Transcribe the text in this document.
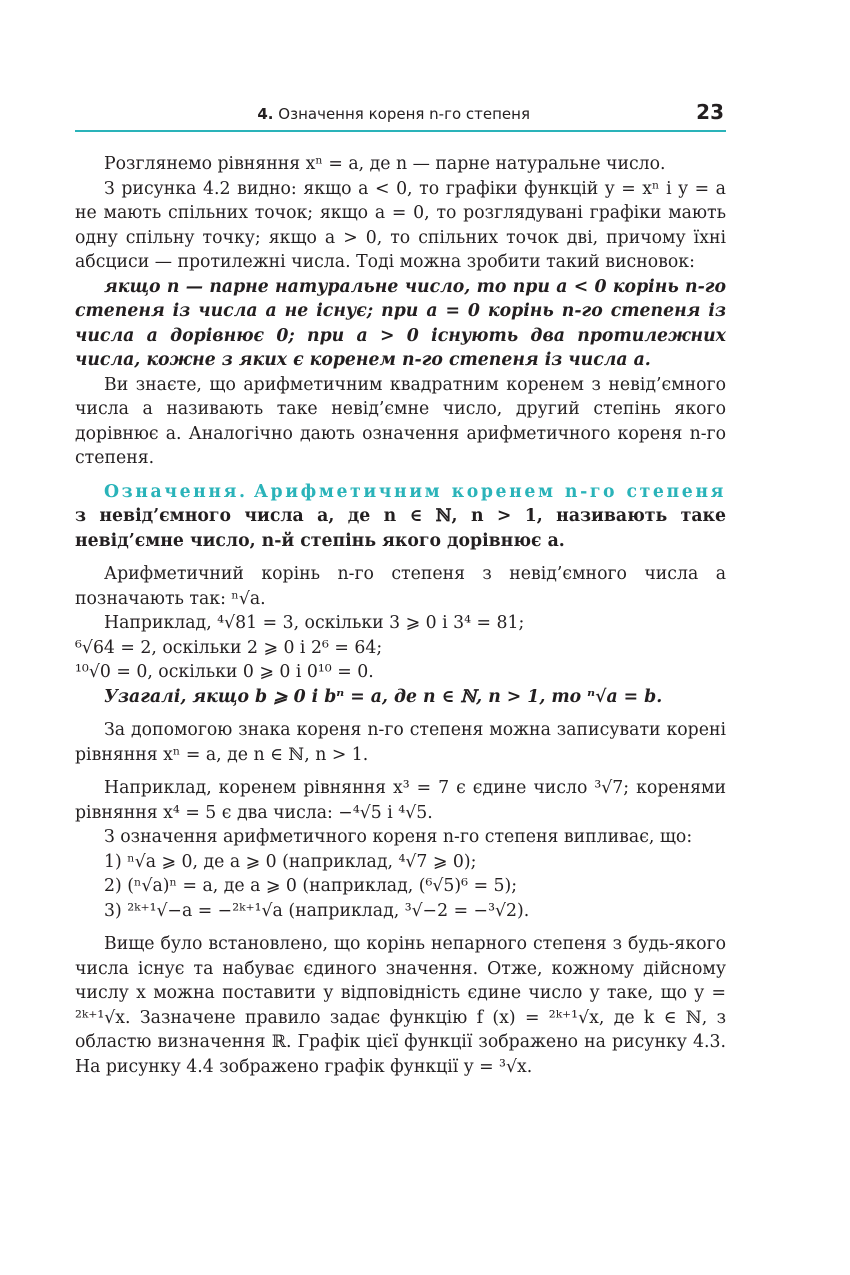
4. Означення кореня n-го степеня	23

Розглянемо рівняння xⁿ = a, де n — парне натуральне число.

З рисунка 4.2 видно: якщо a < 0, то графіки функцій y = xⁿ і y = a не мають спільних точок; якщо a = 0, то розглядувані графіки мають одну спільну точку; якщо a > 0, то спільних точок дві, причому їхні абсциси — протилежні числа. Тоді можна зробити такий висновок:

якщо n — парне натуральне число, то при a < 0 корінь n-го степеня із числа a не існує; при a = 0 корінь n-го степеня із числа a дорівнює 0; при a > 0 існують два протилежних числа, кожне з яких є коренем n-го степеня із числа a.

Ви знаєте, що арифметичним квадратним коренем з невід’ємного числа a називають таке невід’ємне число, другий степінь якого дорівнює a. Аналогічно дають означення арифметичного кореня n-го степеня.

Означення. Арифметичним коренем n-го степеня з невід’ємного числа a, де n ∈ ℕ, n > 1, називають таке невід’ємне число, n-й степінь якого дорівнює a.

Арифметичний корінь n-го степеня з невід’ємного числа a позначають так: ⁿ√a.

Наприклад, ⁴√81 = 3, оскільки 3 ⩾ 0 і 3⁴ = 81;

⁶√64 = 2, оскільки 2 ⩾ 0 і 2⁶ = 64;

¹⁰√0 = 0, оскільки 0 ⩾ 0 і 0¹⁰ = 0.

Узагалі, якщо b ⩾ 0 і bⁿ = a, де n ∈ ℕ, n > 1, то ⁿ√a = b.

За допомогою знака кореня n-го степеня можна записувати корені рівняння xⁿ = a, де n ∈ ℕ, n > 1.

Наприклад, коренем рівняння x³ = 7 є єдине число ³√7; коренями рівняння x⁴ = 5 є два числа: −⁴√5 і ⁴√5.

З означення арифметичного кореня n-го степеня випливає, що:

1) ⁿ√a ⩾ 0, де a ⩾ 0 (наприклад, ⁴√7 ⩾ 0);

2) (ⁿ√a)ⁿ = a, де a ⩾ 0 (наприклад, (⁶√5)⁶ = 5);

3) ²ᵏ⁺¹√−a = −²ᵏ⁺¹√a (наприклад, ³√−2 = −³√2).

Вище було встановлено, що корінь непарного степеня з будь-якого числа існує та набуває єдиного значення. Отже, кожному дійсному числу x можна поставити у відповідність єдине число y таке, що y = ²ᵏ⁺¹√x. Зазначене правило задає функцію f (x) = ²ᵏ⁺¹√x, де k ∈ ℕ, з областю визначення ℝ. Графік цієї функції зображено на рисунку 4.3. На рисунку 4.4 зображено графік функції y = ³√x.
